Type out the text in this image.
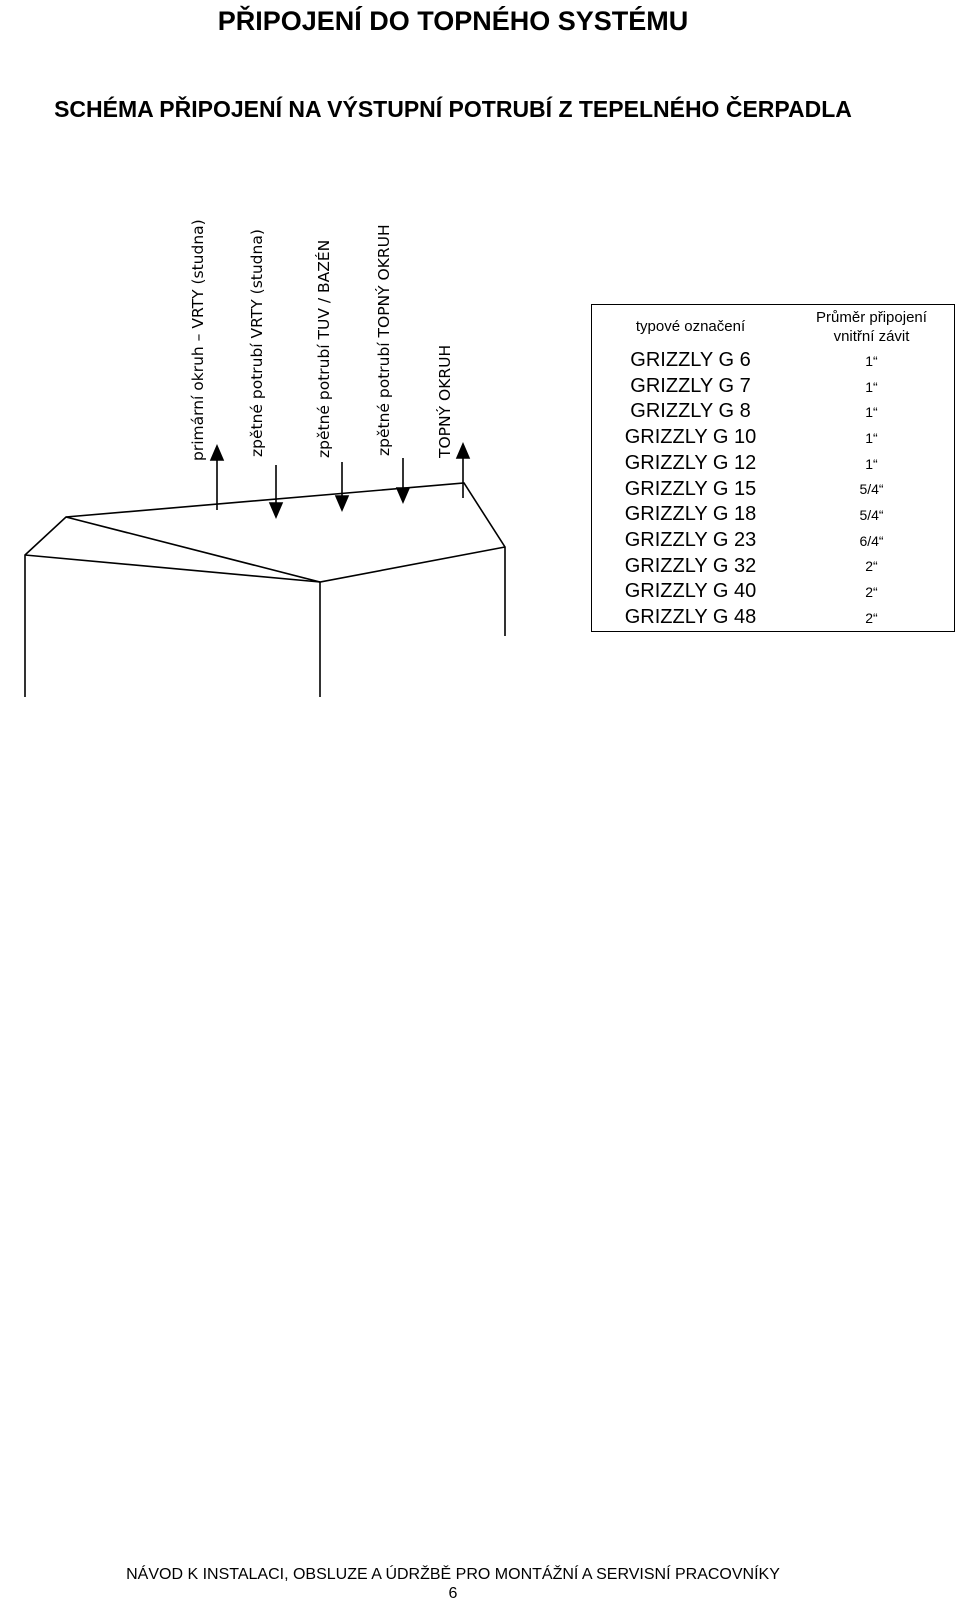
PŘIPOJENÍ DO TOPNÉHO SYSTÉMU
SCHÉMA PŘIPOJENÍ NA VÝSTUPNÍ POTRUBÍ Z TEPELNÉHO ČERPADLA
primární okruh – VRTY (studna)	zpětné potrubí VRTY (studna)	zpětné potrubí TUV / BAZÉN	zpětné potrubí TOPNÝ OKRUH	TOPNÝ OKRUH
typové označení	Průměr připojení
vnitřní závit

GRIZZLY G 6	1“
GRIZZLY G 7	1“
GRIZZLY G 8	1“
GRIZZLY G 10	1“
GRIZZLY G 12	1“
GRIZZLY G 15	5/4“
GRIZZLY G 18	5/4“
GRIZZLY G 23	6/4“
GRIZZLY G 32	2“
GRIZZLY G 40	2“
GRIZZLY G 48	2“

NÁVOD K INSTALACI, OBSLUZE A ÚDRŽBĚ PRO MONTÁŽNÍ A SERVISNÍ PRACOVNÍKY

6
